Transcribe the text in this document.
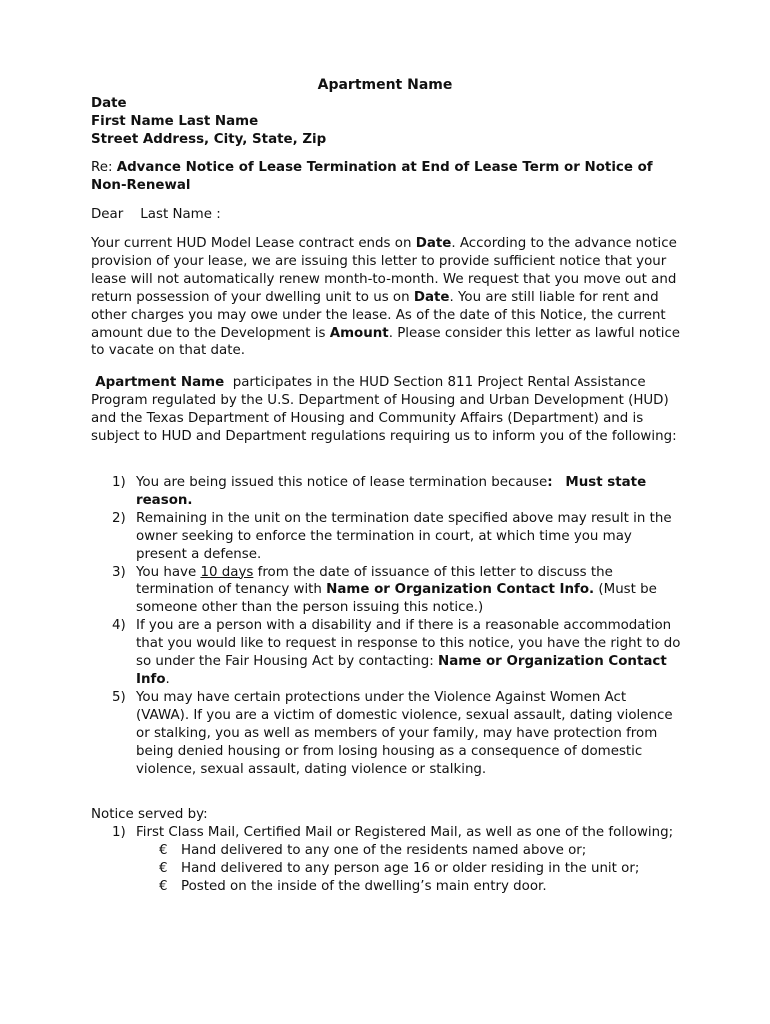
Apartment Name
Date
First Name Last Name
Street Address, City, State, Zip
Re: Advance Notice of Lease Termination at End of Lease Term or Notice of Non-Renewal
Dear Last Name :
Your current HUD Model Lease contract ends on Date. According to the advance notice provision of your lease, we are issuing this letter to provide sufficient notice that your lease will not automatically renew month-to-month. We request that you move out and return possession of your dwelling unit to us on Date. You are still liable for rent and other charges you may owe under the lease. As of the date of this Notice, the current amount due to the Development is Amount. Please consider this letter as lawful notice to vacate on that date.
Apartment Name  participates in the HUD Section 811 Project Rental Assistance Program regulated by the U.S. Department of Housing and Urban Development (HUD) and the Texas Department of Housing and Community Affairs (Department) and is subject to HUD and Department regulations requiring us to inform you of the following:
1) You are being issued this notice of lease termination because: Must state reason.
2) Remaining in the unit on the termination date specified above may result in the owner seeking to enforce the termination in court, at which time you may present a defense.
3) You have 10 days from the date of issuance of this letter to discuss the termination of tenancy with Name or Organization Contact Info. (Must be someone other than the person issuing this notice.)
4) If you are a person with a disability and if there is a reasonable accommodation that you would like to request in response to this notice, you have the right to do so under the Fair Housing Act by contacting: Name or Organization Contact Info.
5) You may have certain protections under the Violence Against Women Act (VAWA). If you are a victim of domestic violence, sexual assault, dating violence or stalking, you as well as members of your family, may have protection from being denied housing or from losing housing as a consequence of domestic violence, sexual assault, dating violence or stalking.
Notice served by:
1) First Class Mail, Certified Mail or Registered Mail, as well as one of the following;
€	Hand delivered to any one of the residents named above or;
€	Hand delivered to any person age 16 or older residing in the unit or;
€	Posted on the inside of the dwelling’s main entry door.
